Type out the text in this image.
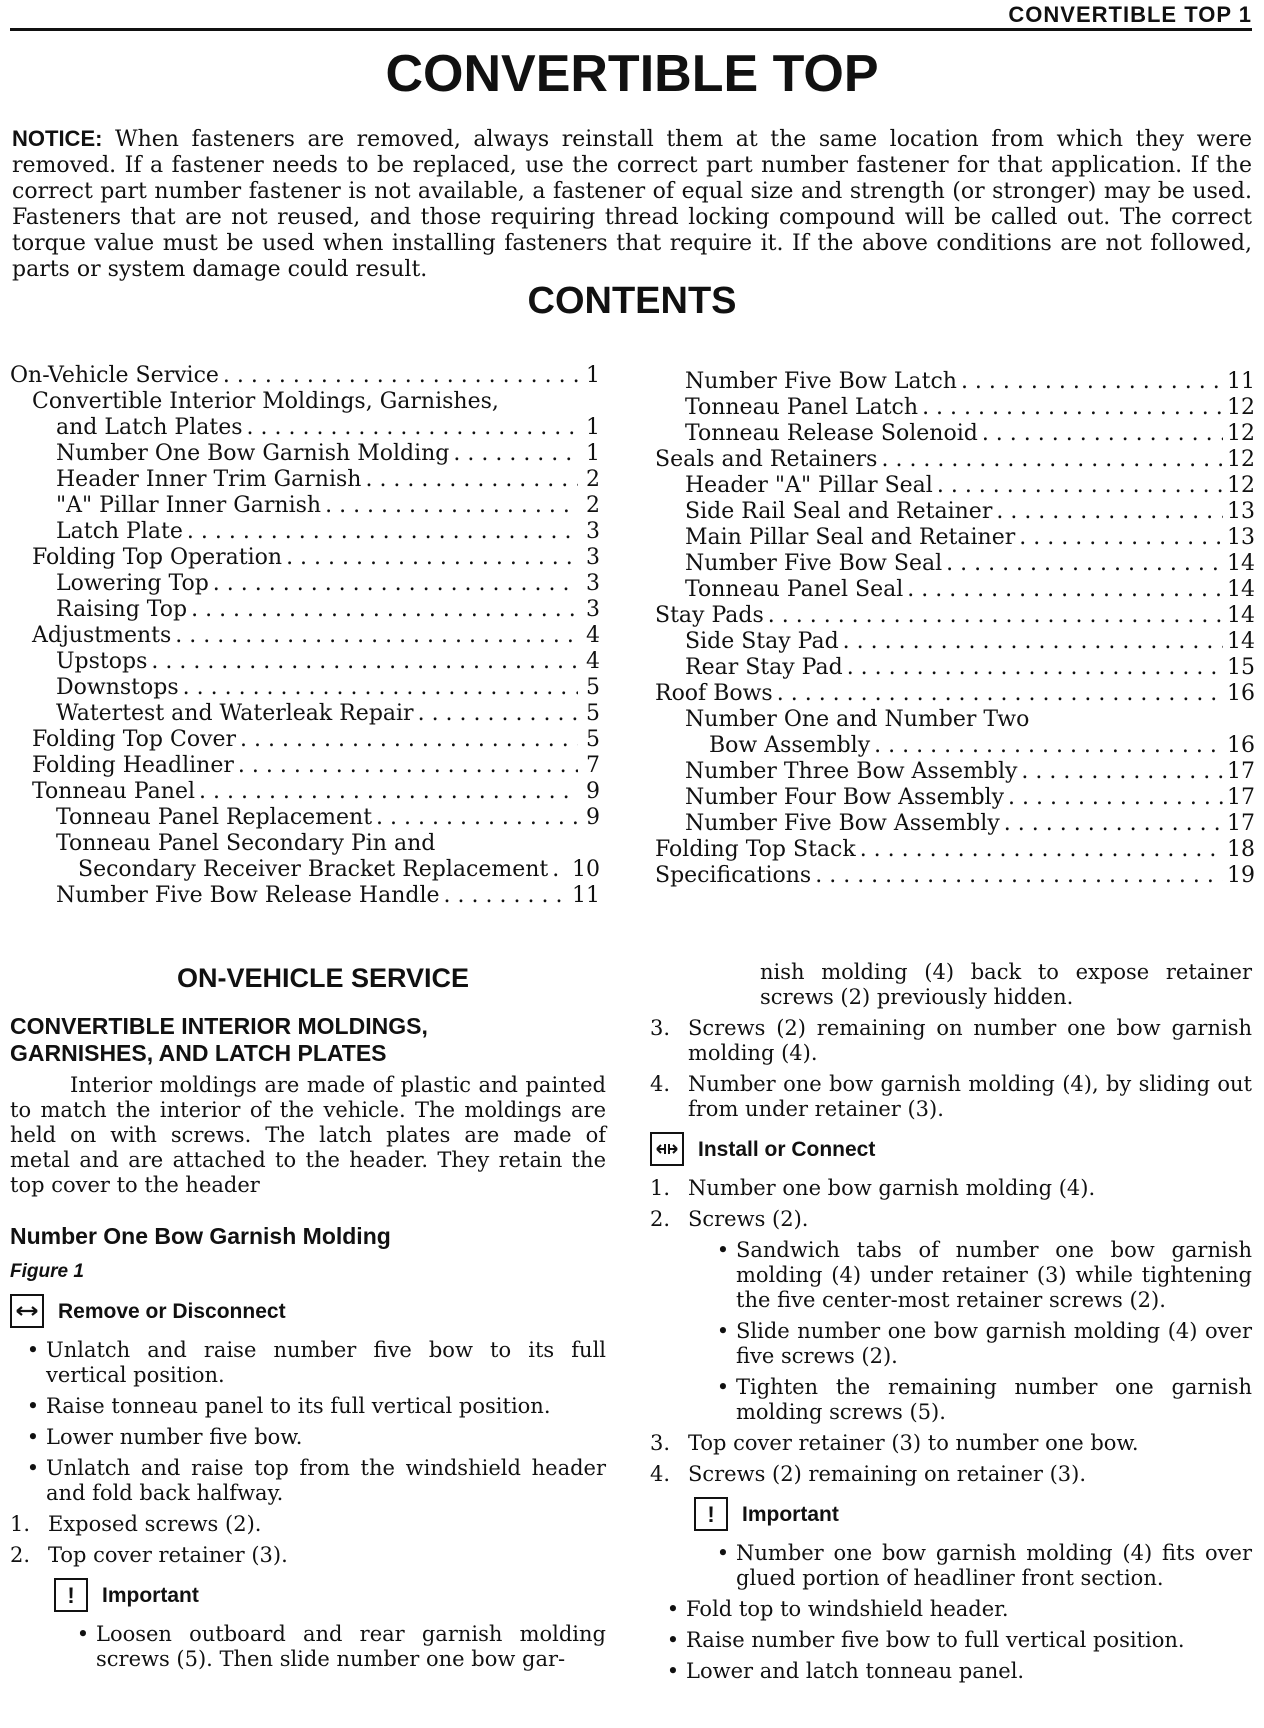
CONVERTIBLE TOP 1
CONVERTIBLE TOP
NOTICE: When fasteners are removed, always reinstall them at the same location from which they were removed. If a fastener needs to be replaced, use the correct part number fastener for that application. If the correct part number fastener is not available, a fastener of equal size and strength (or stronger) may be used. Fasteners that are not reused, and those requiring thread locking compound will be called out. The correct torque value must be used when installing fasteners that require it. If the above conditions are not followed, parts or system damage could result.
CONTENTS
On-Vehicle Service . . .	1
Convertible Interior Moldings, Garnishes,
and Latch Plates . . .	1
Number One Bow Garnish Molding . . .	1
Header Inner Trim Garnish . . .	2
"A" Pillar Inner Garnish . . .	2
Latch Plate . . .	3
Folding Top Operation . . .	3
Lowering Top . . .	3
Raising Top . . .	3
Adjustments . . .	4
Upstops . . .	4
Downstops . . .	5
Watertest and Waterleak Repair . . .	5
Folding Top Cover . . .	5
Folding Headliner . . .	7
Tonneau Panel . . .	9
Tonneau Panel Replacement . . .	9
Tonneau Panel Secondary Pin and
Secondary Receiver Bracket Replacement . . . 10
Number Five Bow Release Handle . . .	11
Number Five Bow Latch . . .	11
Tonneau Panel Latch . . .	12
Tonneau Release Solenoid . . .	12
Seals and Retainers . . .	12
Header "A" Pillar Seal . . .	12
Side Rail Seal and Retainer . . .	13
Main Pillar Seal and Retainer . . .	13
Number Five Bow Seal . . .	14
Tonneau Panel Seal . . .	14
Stay Pads . . .	14
Side Stay Pad . . .	14
Rear Stay Pad . . .	15
Roof Bows . . .	16
Number One and Number Two
Bow Assembly . . .	16
Number Three Bow Assembly . . .	17
Number Four Bow Assembly . . .	17
Number Five Bow Assembly . . .	17
Folding Top Stack . . .	18
Specifications . . .	19
ON-VEHICLE SERVICE
CONVERTIBLE INTERIOR MOLDINGS, GARNISHES, AND LATCH PLATES
Interior moldings are made of plastic and painted to match the interior of the vehicle. The moldings are held on with screws. The latch plates are made of metal and are attached to the header. They retain the top cover to the header
Number One Bow Garnish Molding
Figure 1
Remove or Disconnect
• Unlatch and raise number five bow to its full vertical position.
• Raise tonneau panel to its full vertical position.
• Lower number five bow.
• Unlatch and raise top from the windshield header and fold back halfway.
1. Exposed screws (2).
2. Top cover retainer (3).
!	Important
• Loosen outboard and rear garnish molding screws (5). Then slide number one bow gar-
nish molding (4) back to expose retainer screws (2) previously hidden.
3. Screws (2) remaining on number one bow garnish molding (4).
4. Number one bow garnish molding (4), by sliding out from under retainer (3).
Install or Connect
1. Number one bow garnish molding (4).
2. Screws (2).
• Sandwich tabs of number one bow garnish molding (4) under retainer (3) while tightening the five center-most retainer screws (2).
• Slide number one bow garnish molding (4) over five screws (2).
• Tighten the remaining number one garnish molding screws (5).
3. Top cover retainer (3) to number one bow.
4. Screws (2) remaining on retainer (3).
!	Important
• Number one bow garnish molding (4) fits over glued portion of headliner front section.
• Fold top to windshield header.
• Raise number five bow to full vertical position.
• Lower and latch tonneau panel.
